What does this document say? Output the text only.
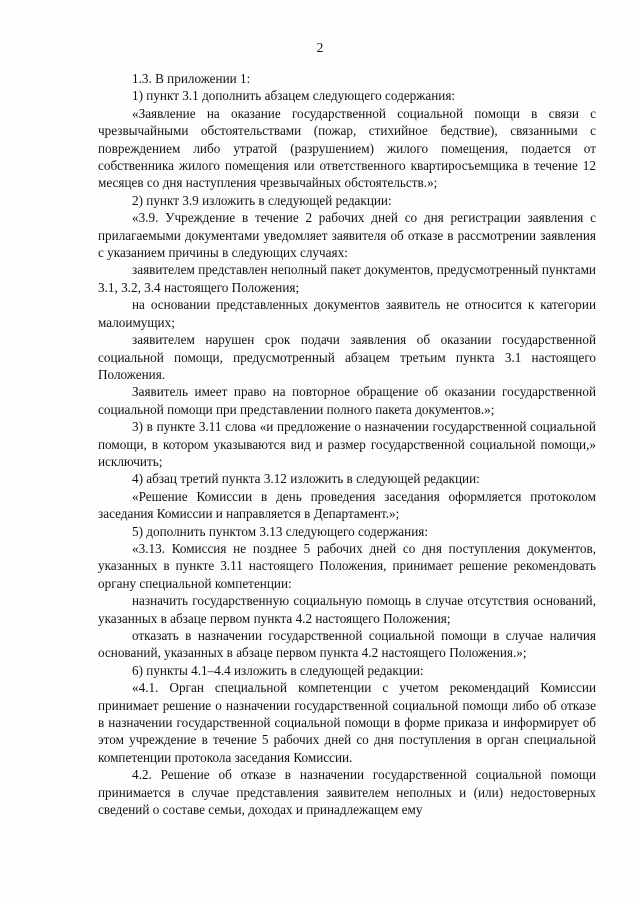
2

1.3. В приложении 1:

1) пункт 3.1 дополнить абзацем следующего содержания:

«Заявление на оказание государственной социальной помощи в связи с чрезвычайными обстоятельствами (пожар, стихийное бедствие), связанными с повреждением либо утратой (разрушением) жилого помещения, подается от собственника жилого помещения или ответственного квартиросъемщика в течение 12 месяцев со дня наступления чрезвычайных обстоятельств.»;

2) пункт 3.9 изложить в следующей редакции:

«3.9. Учреждение в течение 2 рабочих дней со дня регистрации заявления с прилагаемыми документами уведомляет заявителя об отказе в рассмотрении заявления с указанием причины в следующих случаях:

заявителем представлен неполный пакет документов, предусмотренный пунктами 3.1, 3.2, 3.4 настоящего Положения;

на основании представленных документов заявитель не относится к категории малоимущих;

заявителем нарушен срок подачи заявления об оказании государственной социальной помощи, предусмотренный абзацем третьим пункта 3.1 настоящего Положения.

Заявитель имеет право на повторное обращение об оказании государственной социальной помощи при представлении полного пакета документов.»;

3) в пункте 3.11 слова «и предложение о назначении государственной социальной помощи, в котором указываются вид и размер государственной социальной помощи,» исключить;

4) абзац третий пункта 3.12 изложить в следующей редакции:

«Решение Комиссии в день проведения заседания оформляется протоколом заседания Комиссии и направляется в Департамент.»;

5) дополнить пунктом 3.13 следующего содержания:

«3.13. Комиссия не позднее 5 рабочих дней со дня поступления документов, указанных в пункте 3.11 настоящего Положения, принимает решение рекомендовать органу специальной компетенции:

назначить государственную социальную помощь в случае отсутствия оснований, указанных в абзаце первом пункта 4.2 настоящего Положения;

отказать в назначении государственной социальной помощи в случае наличия оснований, указанных в абзаце первом пункта 4.2 настоящего Положения.»;

6) пункты 4.1–4.4 изложить в следующей редакции:

«4.1. Орган специальной компетенции с учетом рекомендаций Комиссии принимает решение о назначении государственной социальной помощи либо об отказе в назначении государственной социальной помощи в форме приказа и информирует об этом учреждение в течение 5 рабочих дней со дня поступления в орган специальной компетенции протокола заседания Комиссии.

4.2. Решение об отказе в назначении государственной социальной помощи принимается в случае представления заявителем неполных и (или) недостоверных сведений о составе семьи, доходах и принадлежащем ему
